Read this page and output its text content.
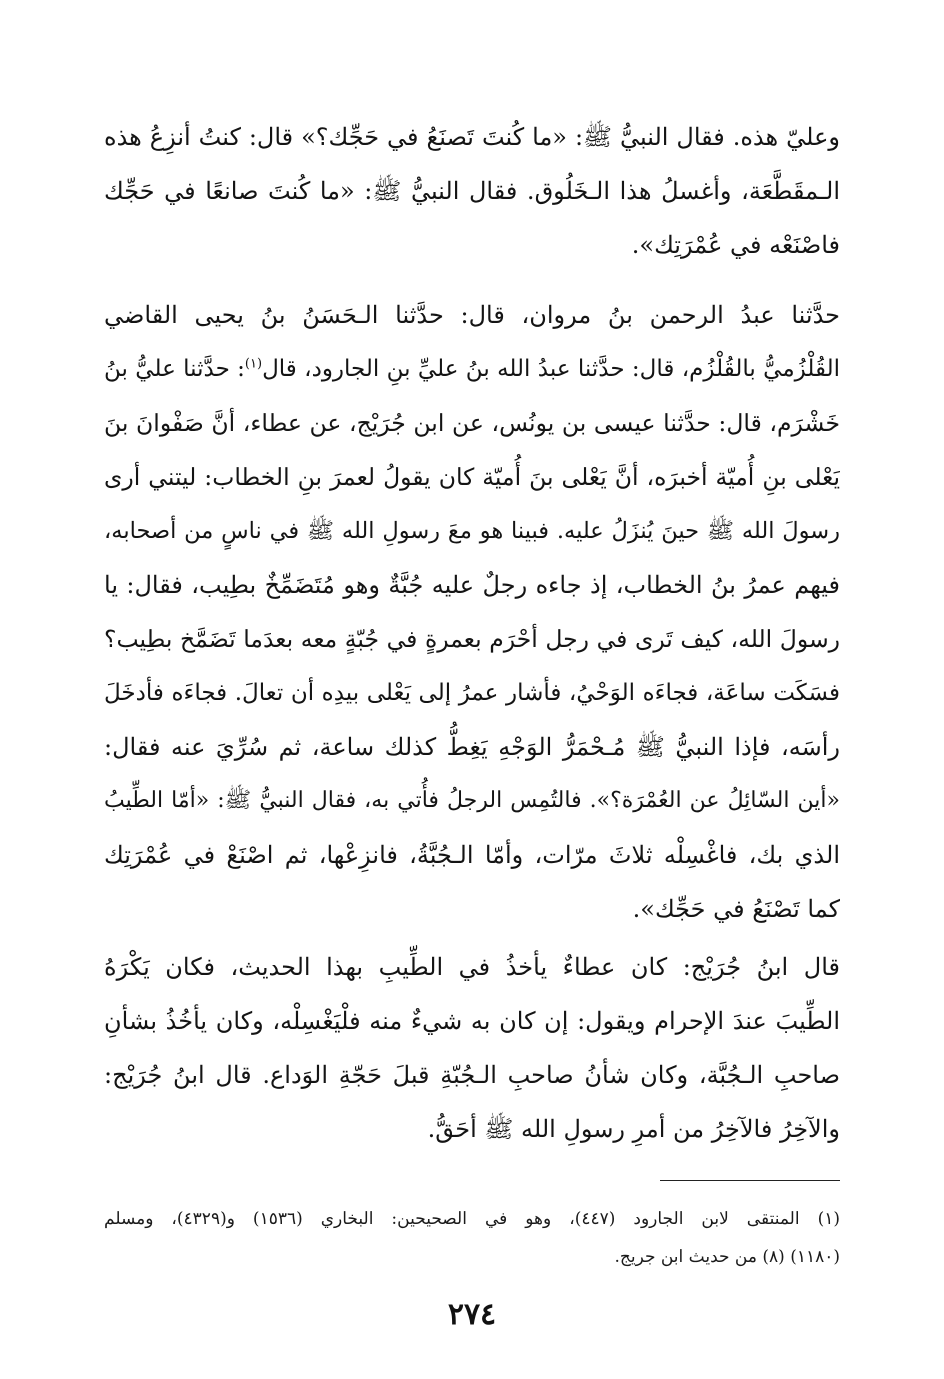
وعليّ هذه. فقال النبيُّ ﷺ: «ما كُنتَ تَصنَعُ في حَجِّك؟» قال: كنتُ أنزِعُ هذه
الـمقَطَّعَة، وأغسلُ هذا الـخَلُوق. فقال النبيُّ ﷺ: «ما كُنتَ صانعًا في حَجِّك
فاصْنَعْه في عُمْرَتِك».
حدَّثنا عبدُ الرحمن بنُ مروان، قال: حدَّثنا الـحَسَنُ بنُ يحيى القاضي
القُلْزُميُّ بالقُلْزُم، قال: حدَّثنا عبدُ الله بنُ عليِّ بنِ الجارود، قال$^{(١)}$: حدَّثنا عليُّ بنُ
خَشْرَم، قال: حدَّثنا عيسى بن يونُس، عن ابن جُرَيْج، عن عطاء، أنَّ صَفْوانَ بنَ
يَعْلى بنِ أُميّة أخبرَه، أنَّ يَعْلى بنَ أُميّة كان يقولُ لعمرَ بنِ الخطاب: ليتني أرى
رسولَ الله ﷺ حينَ يُنزَلُ عليه. فبينا هو معَ رسولِ الله ﷺ في ناسٍ من أصحابه،
فيهم عمرُ بنُ الخطاب، إذ جاءه رجلٌ عليه جُبَّةٌ وهو مُتَضَمِّخٌ بطِيب، فقال: يا
رسولَ الله، كيف تَرى في رجل أحْرَم بعمرةٍ في جُبّةٍ معه بعدَما تَضَمَّخ بطِيب؟
فسَكَت ساعَة، فجاءَه الوَحْيُ، فأشار عمرُ إلى يَعْلى بيدِه أن تعالَ. فجاءَه فأدخَلَ
رأسَه، فإذا النبيُّ ﷺ مُـحْمَرُّ الوَجْهِ يَغِطُّ كذلك ساعة، ثم سُرِّيَ عنه فقال:
«أين السّائِلُ عن العُمْرَة؟». فالتُمِس الرجلُ فأُتي به، فقال النبيُّ ﷺ: «أمّا الطِّيبُ
الذي بك، فاغْسِلْه ثلاثَ مرّات، وأمّا الـجُبَّةُ، فانزِعْها، ثم اصْنَعْ في عُمْرَتِك
كما تَصْنَعُ في حَجِّك».
قال ابنُ جُرَيْج: كان عطاءٌ يأخذُ في الطِّيبِ بهذا الحديث، فكان يَكْرَهُ
الطِّيبَ عندَ الإحرام ويقول: إن كان به شيءٌ منه فلْيَغْسِلْه، وكان يأخُذُ بشأنِ
صاحبِ الـجُبَّة، وكان شأنُ صاحبِ الـجُبّةِ قبلَ حَجّةِ الوَداع. قال ابنُ جُرَيْج:
والآخِرُ فالآخِرُ من أمرِ رسولِ الله ﷺ أحَقُّ.
(١) المنتقى لابن الجارود (٤٤٧)، وهو في الصحيحين: البخاري (١٥٣٦) و(٤٣٢٩)، ومسلم
(١١٨٠) (٨) من حديث ابن جريج.
٢٧٤
